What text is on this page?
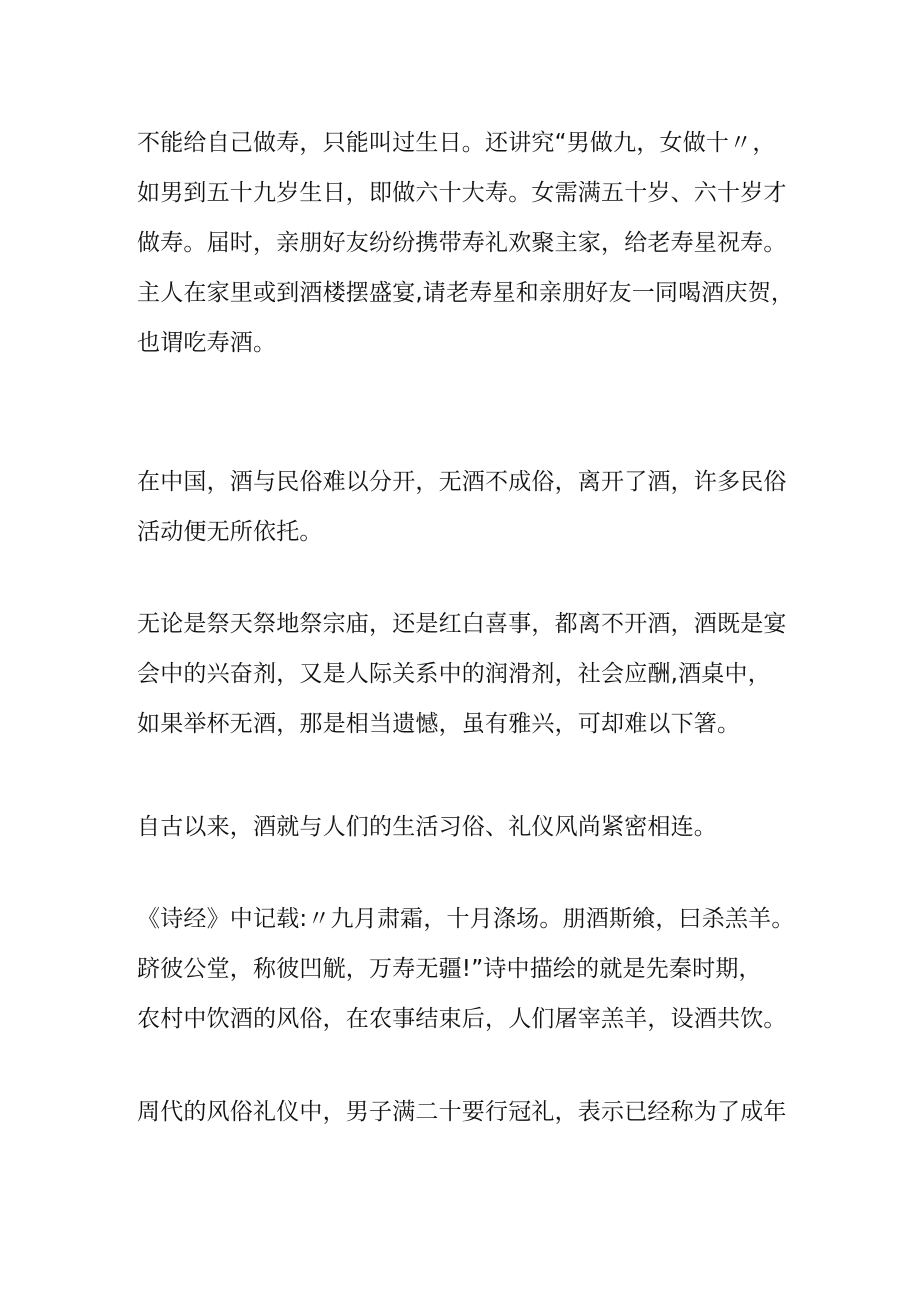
不能给自己做寿，只能叫过生日。还讲究“男做九，女做十〃，
如男到五十九岁生日，即做六十大寿。女需满五十岁、六十岁才
做寿。届时，亲朋好友纷纷携带寿礼欢聚主家，给老寿星祝寿。
主人在家里或到酒楼摆盛宴,请老寿星和亲朋好友一同喝酒庆贺，
也谓吃寿酒。
在中国，酒与民俗难以分开，无酒不成俗，离开了酒，许多民俗
活动便无所依托。
无论是祭天祭地祭宗庙，还是红白喜事，都离不开酒，酒既是宴
会中的兴奋剂，又是人际关系中的润滑剂，社会应酬,酒桌中，
如果举杯无酒，那是相当遗憾，虽有雅兴，可却难以下箸。
自古以来，酒就与人们的生活习俗、礼仪风尚紧密相连。
《诗经》中记载:〃九月肃霜，十月涤场。朋酒斯飨，曰杀羔羊。
跻彼公堂，称彼凹觥，万寿无疆!”诗中描绘的就是先秦时期，
农村中饮酒的风俗，在农事结束后，人们屠宰羔羊，设酒共饮。
周代的风俗礼仪中，男子满二十要行冠礼，表示已经称为了成年
